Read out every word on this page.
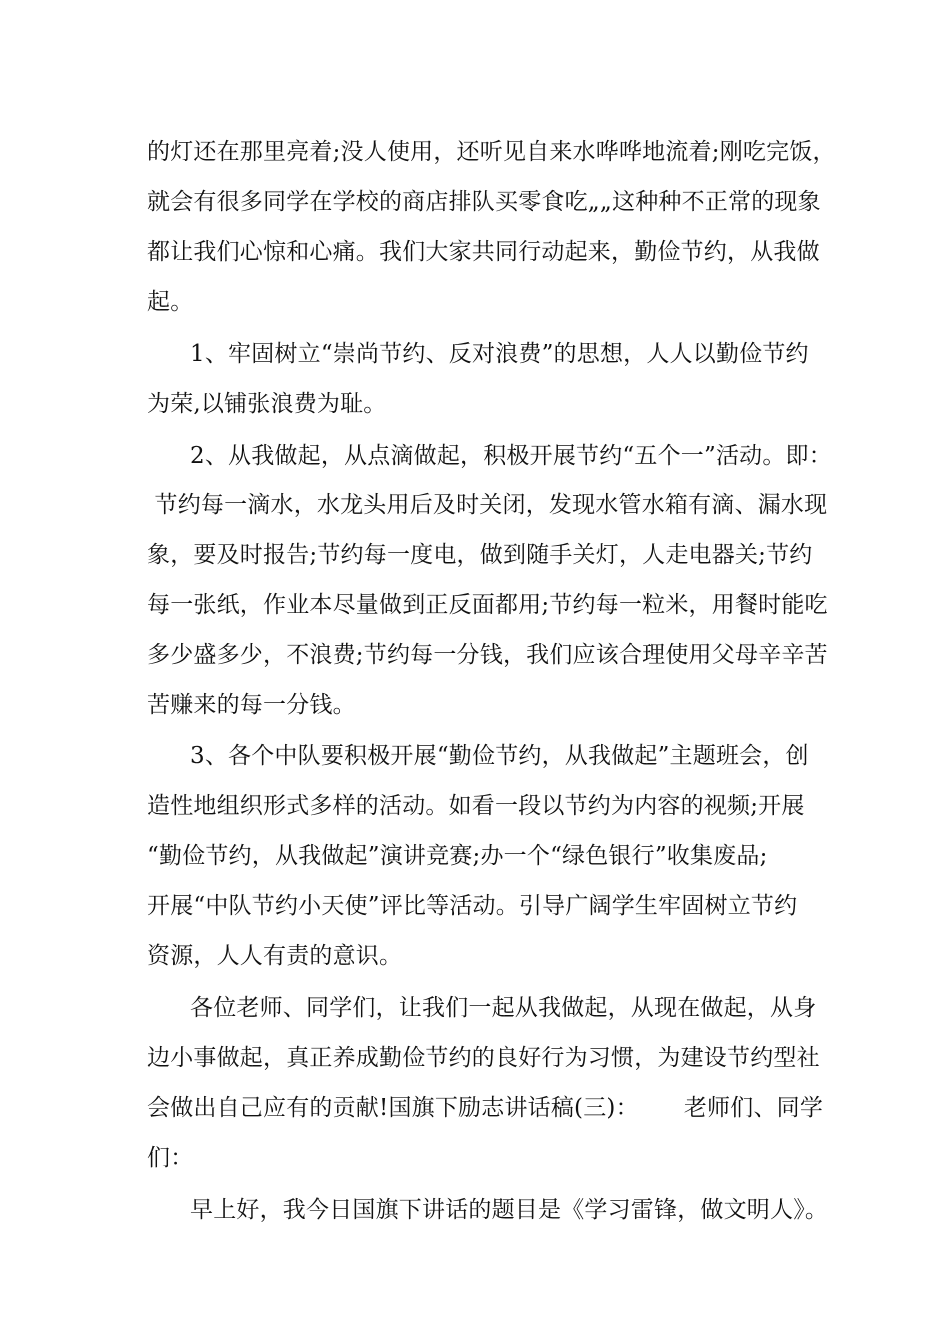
的灯还在那里亮着;没人使用，还听见自来水哗哗地流着;刚吃完饭，
就会有很多同学在学校的商店排队买零食吃„„这种种不正常的现象
都让我们心惊和心痛。我们大家共同行动起来，勤俭节约，从我做
起。
1、牢固树立“崇尚节约、反对浪费”的思想，人人以勤俭节约
为荣,以铺张浪费为耻。
2、从我做起，从点滴做起，积极开展节约“五个一”活动。即：
节约每一滴水，水龙头用后及时关闭，发现水管水箱有滴、漏水现
象，要及时报告;节约每一度电，做到随手关灯，人走电器关;节约
每一张纸，作业本尽量做到正反面都用;节约每一粒米，用餐时能吃
多少盛多少，不浪费;节约每一分钱，我们应该合理使用父母辛辛苦
苦赚来的每一分钱。
3、各个中队要积极开展“勤俭节约，从我做起”主题班会，创
造性地组织形式多样的活动。如看一段以节约为内容的视频;开展
“勤俭节约，从我做起”演讲竞赛;办一个“绿色银行”收集废品;
开展“中队节约小天使”评比等活动。引导广阔学生牢固树立节约
资源，人人有责的意识。
各位老师、同学们，让我们一起从我做起，从现在做起，从身
边小事做起，真正养成勤俭节约的良好行为习惯，为建设节约型社
会做出自己应有的贡献!国旗下励志讲话稿(三)：      老师们、同学
们：
早上好，我今日国旗下讲话的题目是《学习雷锋，做文明人》。
